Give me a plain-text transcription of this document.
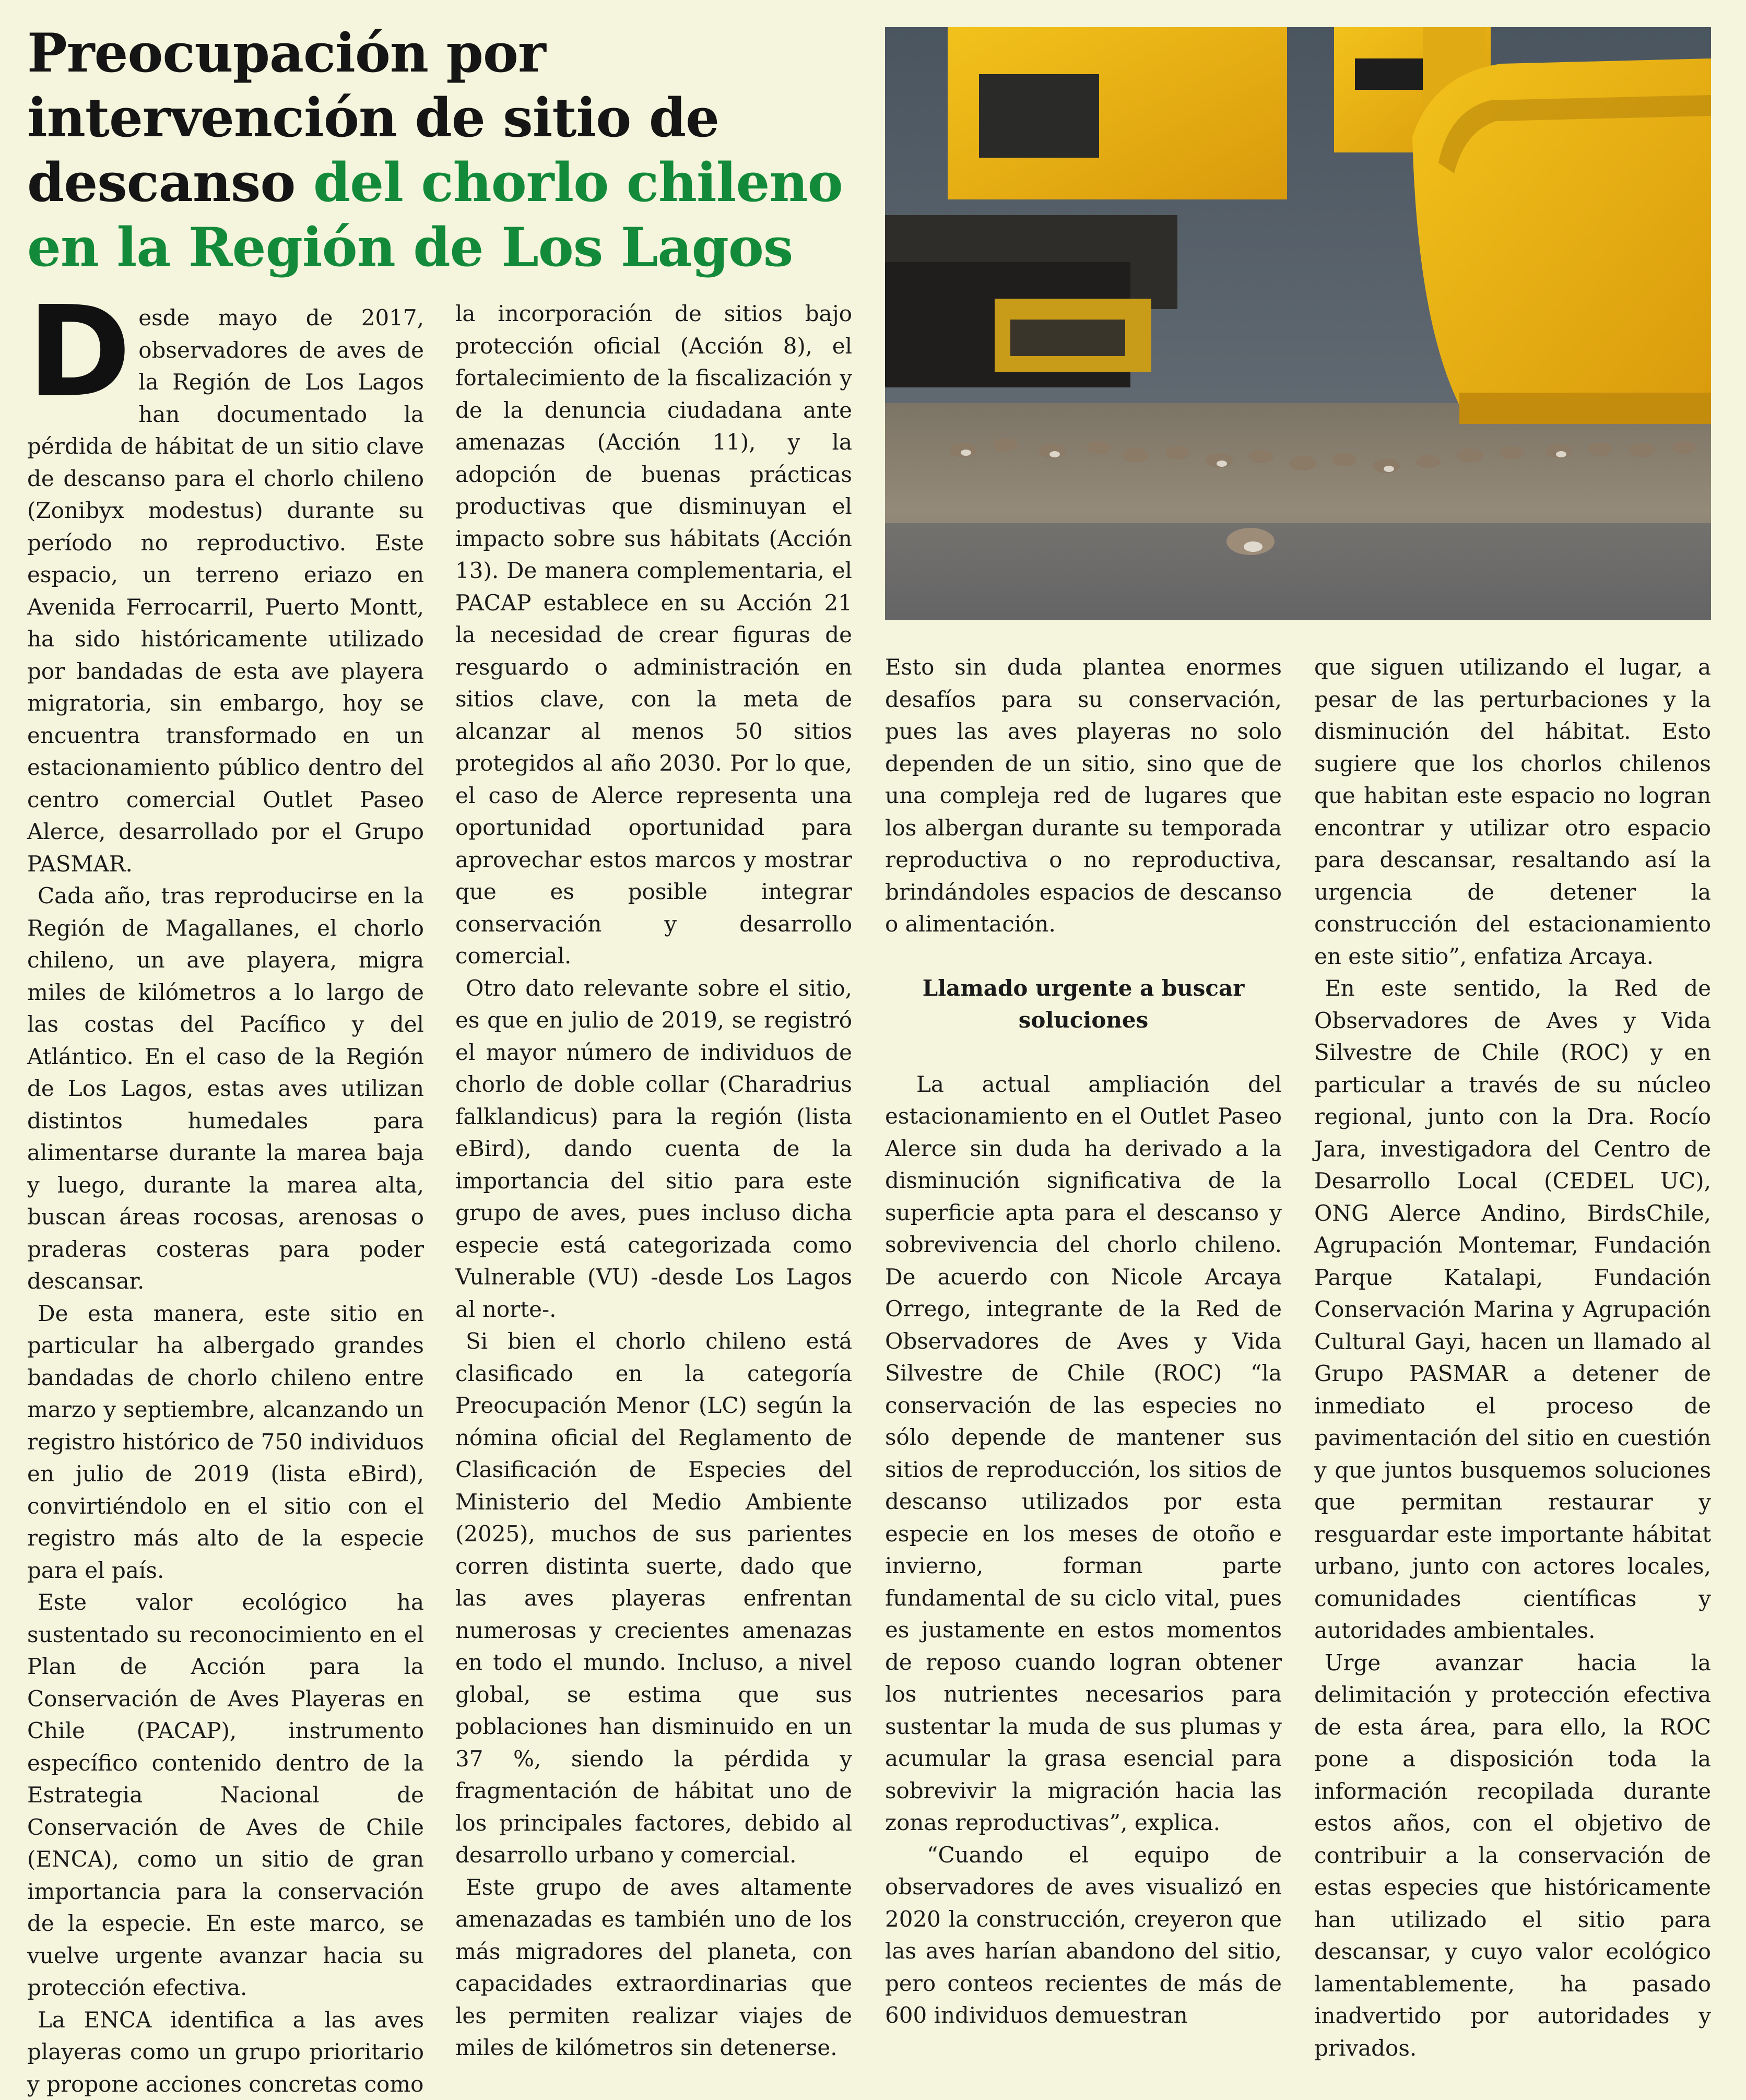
Preocupación por intervención de sitio de descanso del chorlo chileno en la Región de Los Lagos

Desde mayo de 2017, observadores de aves de la Región de Los Lagos han documentado la pérdida de hábitat de un sitio clave de descanso para el chorlo chileno (Zonibyx modestus) durante su período no reproductivo. Este espacio, un terreno eriazo en Avenida Ferrocarril, Puerto Montt, ha sido históricamente utilizado por bandadas de esta ave playera migratoria, sin embargo, hoy se encuentra transformado en un estacionamiento público dentro del centro comercial Outlet Paseo Alerce, desarrollado por el Grupo PASMAR.

Cada año, tras reproducirse en la Región de Magallanes, el chorlo chileno, un ave playera, migra miles de kilómetros a lo largo de las costas del Pacífico y del Atlántico. En el caso de la Región de Los Lagos, estas aves utilizan distintos humedales para alimentarse durante la marea baja y luego, durante la marea alta, buscan áreas rocosas, arenosas o praderas costeras para poder descansar.

De esta manera, este sitio en particular ha albergado grandes bandadas de chorlo chileno entre marzo y septiembre, alcanzando un registro histórico de 750 individuos en julio de 2019 (lista eBird), convirtiéndolo en el sitio con el registro más alto de la especie para el país.

Este valor ecológico ha sustentado su reconocimiento en el Plan de Acción para la Conservación de Aves Playeras en Chile (PACAP), instrumento específico contenido dentro de la Estrategia Nacional de Conservación de Aves de Chile (ENCA), como un sitio de gran importancia para la conservación de la especie. En este marco, se vuelve urgente avanzar hacia su protección efectiva.

La ENCA identifica a las aves playeras como un grupo prioritario y propone acciones concretas como

la incorporación de sitios bajo protección oficial (Acción 8), el fortalecimiento de la fiscalización y de la denuncia ciudadana ante amenazas (Acción 11), y la adopción de buenas prácticas productivas que disminuyan el impacto sobre sus hábitats (Acción 13). De manera complementaria, el PACAP establece en su Acción 21 la necesidad de crear figuras de resguardo o administración en sitios clave, con la meta de alcanzar al menos 50 sitios protegidos al año 2030. Por lo que, el caso de Alerce representa una oportunidad oportunidad para aprovechar estos marcos y mostrar que es posible integrar conservación y desarrollo comercial.

Otro dato relevante sobre el sitio, es que en julio de 2019, se registró el mayor número de individuos de chorlo de doble collar (Charadrius falklandicus) para la región (lista eBird), dando cuenta de la importancia del sitio para este grupo de aves, pues incluso dicha especie está categorizada como Vulnerable (VU) -desde Los Lagos al norte-.

Si bien el chorlo chileno está clasificado en la categoría Preocupación Menor (LC) según la nómina oficial del Reglamento de Clasificación de Especies del Ministerio del Medio Ambiente (2025), muchos de sus parientes corren distinta suerte, dado que las aves playeras enfrentan numerosas y crecientes amenazas en todo el mundo. Incluso, a nivel global, se estima que sus poblaciones han disminuido en un 37 %, siendo la pérdida y fragmentación de hábitat uno de los principales factores, debido al desarrollo urbano y comercial.

Este grupo de aves altamente amenazadas es también uno de los más migradores del planeta, con capacidades extraordinarias que les permiten realizar viajes de miles de kilómetros sin detenerse.

Esto sin duda plantea enormes desafíos para su conservación, pues las aves playeras no solo dependen de un sitio, sino que de una compleja red de lugares que los albergan durante su temporada reproductiva o no reproductiva, brindándoles espacios de descanso o alimentación.

Llamado urgente a buscar soluciones

La actual ampliación del estacionamiento en el Outlet Paseo Alerce sin duda ha derivado a la disminución significativa de la superficie apta para el descanso y sobrevivencia del chorlo chileno. De acuerdo con Nicole Arcaya Orrego, integrante de la Red de Observadores de Aves y Vida Silvestre de Chile (ROC) “la conservación de las especies no sólo depende de mantener sus sitios de reproducción, los sitios de descanso utilizados por esta especie en los meses de otoño e invierno, forman parte fundamental de su ciclo vital, pues es justamente en estos momentos de reposo cuando logran obtener los nutrientes necesarios para sustentar la muda de sus plumas y acumular la grasa esencial para sobrevivir la migración hacia las zonas reproductivas”, explica.

“Cuando el equipo de observadores de aves visualizó en 2020 la construcción, creyeron que las aves harían abandono del sitio, pero conteos recientes de más de 600 individuos demuestran

que siguen utilizando el lugar, a pesar de las perturbaciones y la disminución del hábitat. Esto sugiere que los chorlos chilenos que habitan este espacio no logran encontrar y utilizar otro espacio para descansar, resaltando así la urgencia de detener la construcción del estacionamiento en este sitio”, enfatiza Arcaya.

En este sentido, la Red de Observadores de Aves y Vida Silvestre de Chile (ROC) y en particular a través de su núcleo regional, junto con la Dra. Rocío Jara, investigadora del Centro de Desarrollo Local (CEDEL UC), ONG Alerce Andino, BirdsChile, Agrupación Montemar, Fundación Parque Katalapi, Fundación Conservación Marina y Agrupación Cultural Gayi, hacen un llamado al Grupo PASMAR a detener de inmediato el proceso de pavimentación del sitio en cuestión y que juntos busquemos soluciones que permitan restaurar y resguardar este importante hábitat urbano, junto con actores locales, comunidades científicas y autoridades ambientales.

Urge avanzar hacia la delimitación y protección efectiva de esta área, para ello, la ROC pone a disposición toda la información recopilada durante estos años, con el objetivo de contribuir a la conservación de estas especies que históricamente han utilizado el sitio para descansar, y cuyo valor ecológico lamentablemente, ha pasado inadvertido por autoridades y privados.
